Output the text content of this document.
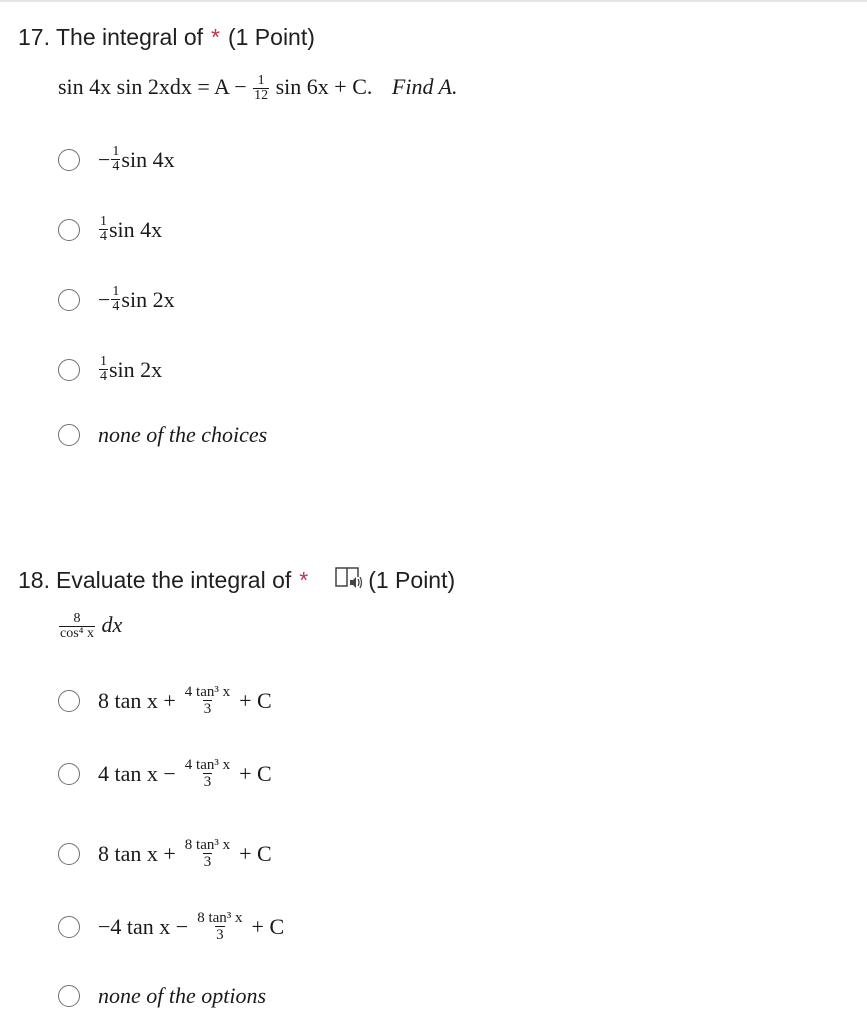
17. The integral of * (1 Point)
sin 4x $\sin 2xdx = A - \frac{1}{12}$ sin 6x + C. Find A.
− $\frac{1}{4}$ sin 4x
$\frac{1}{4}$ sin 4x
− $\frac{1}{4}$ sin 2x
$\frac{1}{4}$ sin 2x
none of the choices
18. Evaluate the integral of *	(1 Point)
$\frac{8}{\text{cos⁴ x}}$ dx
8 $\tan x + \frac{\text{4 tan³ x}}{3} + C$
4 $\tan x - \frac{\text{4 tan³ x}}{3} + C$
8 $\tan x + \frac{\text{8 tan³ x}}{3} + C$
−4 $\tan x - \frac{\text{8 tan³ x}}{3} + C$
none of the options
